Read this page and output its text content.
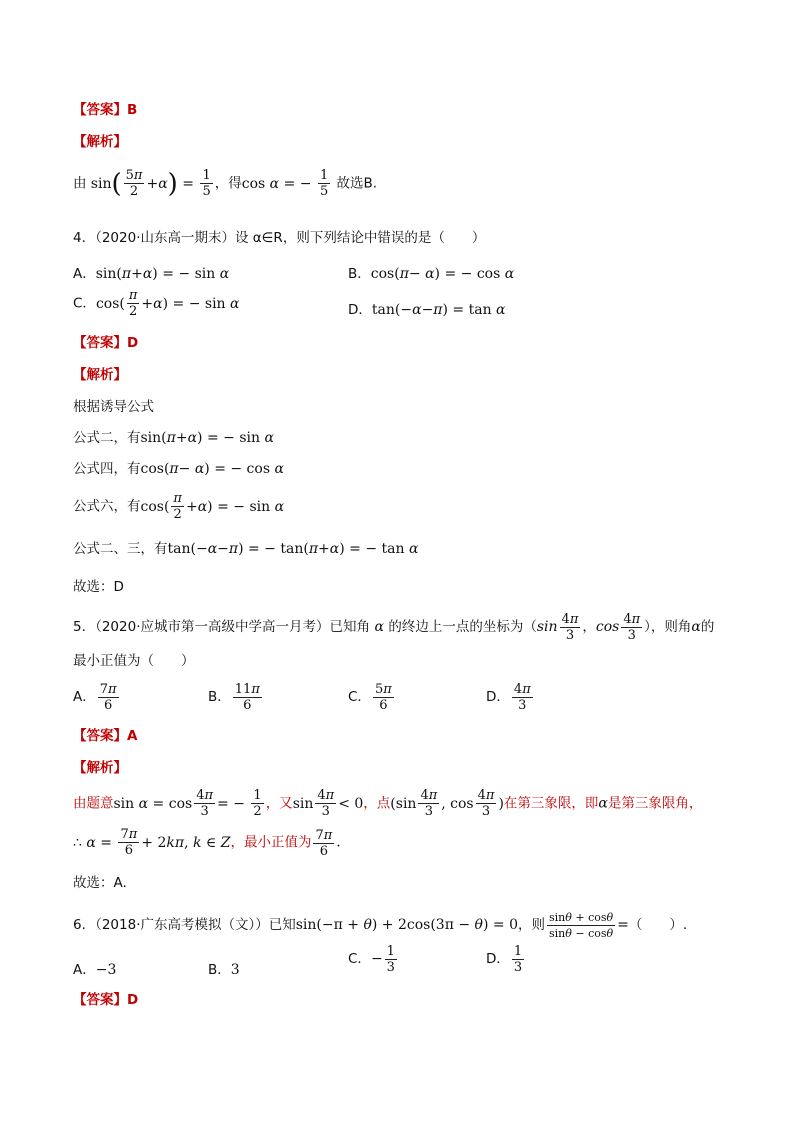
【答案】B
【解析】
由 $\sin( \frac{5\pi}{2} +\alpha) = \frac{1}{5}$ ，得cos α = − $\frac{1}{5}$ 故选B.
4．（2020·山东高一期末）设 α∈R，则下列结论中错误的是（　　）
A．sin(π+α) = − sin α	B．cos(π− α) = − cos α
C．$\cos( \frac{\pi}{2} +\alpha)$ = − sin α	D．tan(−α−π) = tan α
【答案】D
【解析】
根据诱导公式
公式二，有sin(π+α) = − sin α
公式四，有cos(π− α) = − cos α
公式六，有$\cos( \frac{\pi}{2} +\alpha)$ = − sin α
公式二、三，有tan(−α−π) = − tan(π+α) = − tan α
故选：D
5．（2020·应城市第一高级中学高一月考）已知角 α 的终边上一点的坐标为（$\sin \frac{4\pi}{3}$ ，$\cos \frac{4\pi}{3}$ ），则角α的
最小正值为（　　）
A． $\frac{7\pi}{6}$	B． $\frac{11\pi}{6}$	C． $\frac{5\pi}{6}$	D． $\frac{4\pi}{3}$
【答案】A
【解析】
由题意$\sin \alpha = \cos \frac{4\pi}{3}$ = − $\frac{1}{2}$ ，又$\sin \frac{4\pi}{3} < 0$，点($\sin \frac{4\pi}{3}$ , $\cos \frac{4\pi}{3}$ )在第三象限，即α是第三象限角，
∴ $\alpha = \frac{7\pi}{6} + 2k\pi$, k ∈ Z，最小正值为 $\frac{7\pi}{6}$ .
故选：A.
6．（2018·广东高考模拟（文））已知sin(−π + θ) + 2cos(3π − θ) = 0，则 $\frac{\sin\theta + \cos\theta}{\sin\theta - \cos\theta}$ =（　　）.
A．−3	B．3
C．− $\frac{1}{3}$	D． $\frac{1}{3}$
【答案】D
